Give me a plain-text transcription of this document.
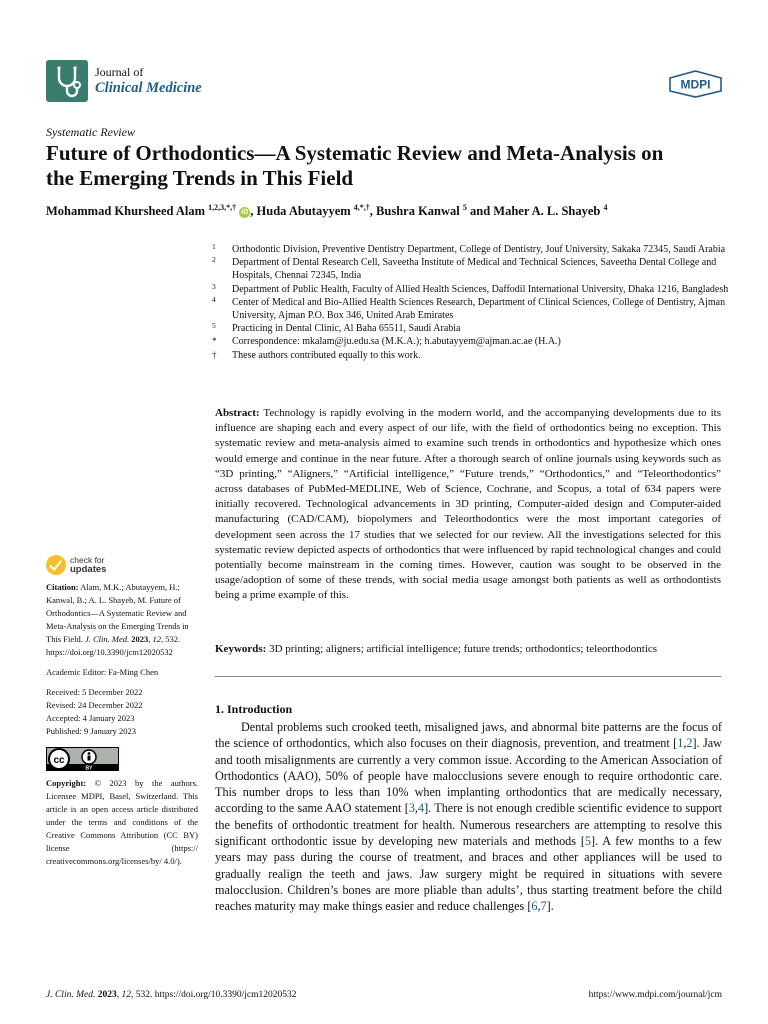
Journal of
Clinical Medicine	MDPI
Systematic Review
Future of Orthodontics—A Systematic Review and Meta-Analysis on the Emerging Trends in This Field
Mohammad Khursheed Alam $^{1,2,3,*,\dagger}$ iD , Huda Abutayyem $^{4,*,\dagger}$, Bushra Kanwal $^5$ and Maher A. L. Shayeb $^4$
1 Orthodontic Division, Preventive Dentistry Department, College of Dentistry, Jouf University, Sakaka 72345, Saudi Arabia
2 Department of Dental Research Cell, Saveetha Institute of Medical and Technical Sciences, Saveetha Dental College and Hospitals, Chennai 72345, India
3 Department of Public Health, Faculty of Allied Health Sciences, Daffodil International University, Dhaka 1216, Bangladesh
4 Center of Medical and Bio-Allied Health Sciences Research, Department of Clinical Sciences, College of Dentistry, Ajman University, Ajman P.O. Box 346, United Arab Emirates
5 Practicing in Dental Clinic, Al Baha 65511, Saudi Arabia
* Correspondence: mkalam@ju.edu.sa (M.K.A.); h.abutayyem@ajman.ac.ae (H.A.)
† These authors contributed equally to this work.

Abstract: Technology is rapidly evolving in the modern world, and the accompanying developments due to its influence are shaping each and every aspect of our life, with the field of orthodontics being no exception. This systematic review and meta-analysis aimed to examine such trends in orthodontics and hypothesize which ones would emerge and continue in the near future. After a thorough search of online journals using keywords such as “3D printing,” “Aligners,” “Artificial intelligence,” “Future trends,” “Orthodontics,” and “Teleorthodontics” across databases of PubMed-MEDLINE, Web of Science, Cochrane, and Scopus, a total of 634 papers were initially recovered. Technological advancements in 3D printing, Computer-aided design and Computer-aided manufacturing (CAD/CAM), biopolymers and Teleorthodontics were the most important categories of development seen across the 17 studies that we selected for our review. All the investigations selected for this systematic review depicted aspects of orthodontics that were influenced by rapid technological changes and could potentially become mainstream in the coming times. However, caution was sought to be observed in the usage/adoption of some of these trends, with social media usage amongst both patients as well as orthodontists being a prime example of this.

Keywords: 3D printing; aligners; artificial intelligence; future trends; orthodontics; teleorthodontics

check for
updates

Citation: Alam, M.K.; Abutayyem, H.; Kanwal, B.; A. L. Shayeb, M. Future of Orthodontics—A Systematic Review and Meta-Analysis on the Emerging Trends in This Field. J. Clin. Med. 2023, 12, 532. https://doi.org/10.3390/jcm12020532

Academic Editor: Fa-Ming Chen

Received: 5 December 2022
Revised: 24 December 2022
Accepted: 4 January 2023
Published: 9 January 2023

cc
BY

Copyright: © 2023 by the authors. Licensee MDPI, Basel, Switzerland. This article is an open access article distributed under the terms and conditions of the Creative Commons Attribution (CC BY) license (https:// creativecommons.org/licenses/by/ 4.0/).

1. Introduction

Dental problems such crooked teeth, misaligned jaws, and abnormal bite patterns are the focus of the science of orthodontics, which also focuses on their diagnosis, prevention, and treatment [1,2]. Jaw and tooth misalignments are currently a very common issue. According to the American Association of Orthodontics (AAO), 50% of people have malocclusions severe enough to require orthodontic care. This number drops to less than 10% when implanting orthodontics that are medically necessary, according to the same AAO statement [3,4]. There is not enough credible scientific evidence to support the benefits of orthodontic treatment for health. Numerous researchers are attempting to resolve this significant orthodontic issue by developing new materials and methods [5]. A few months to a few years may pass during the course of treatment, and braces and other appliances will be used to gradually realign the teeth and jaws. Jaw surgery might be required in situations with severe malocclusion. Children’s bones are more pliable than adults’, thus starting treatment before the child reaches maturity may make things easier and reduce challenges [6,7].

J. Clin. Med. 2023, 12, 532. https://doi.org/10.3390/jcm12020532	https://www.mdpi.com/journal/jcm
